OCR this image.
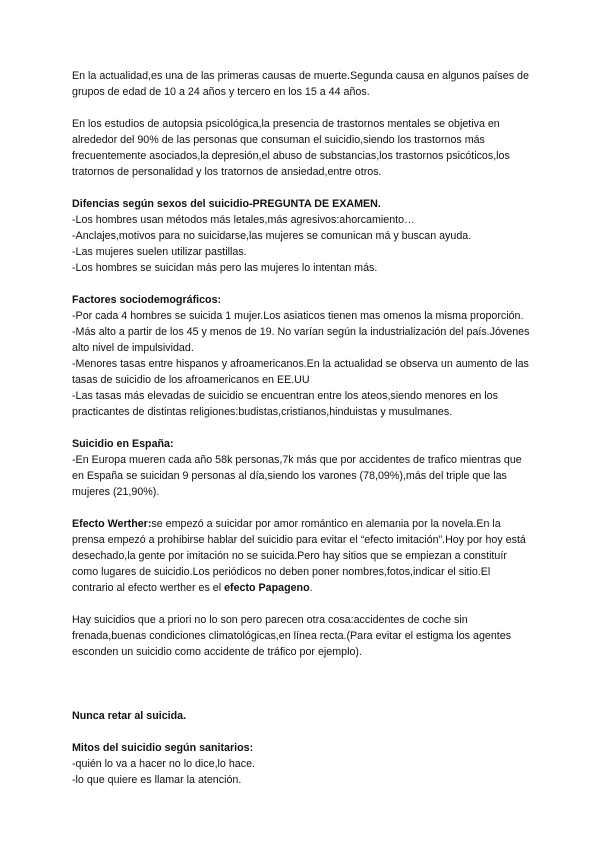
En la actualidad,es una de las primeras causas de muerte.Segunda causa en algunos países de grupos de edad de 10 a 24 años y tercero en los 15 a 44 años.

En los estudios de autopsia psicológica,la presencia de trastornos mentales se objetiva en alrededor del 90% de las personas que consuman el suicidio,siendo los trastornos más frecuentemente asociados,la depresión,el abuso de substancias,los trastornos psicóticos,los tratornos de personalidad y los tratornos de ansiedad,entre otros.

Difencias según sexos del suicidio-PREGUNTA DE EXAMEN.

-Los hombres usan métodos más letales,más agresivos:ahorcamiento…

-Anclajes,motivos para no suicidarse,las mujeres se comunican má y buscan ayuda.

-Las mujeres suelen utilizar pastillas.

-Los hombres se suicidan más pero las mujeres lo intentan más.

Factores sociodemográficos:

-Por cada 4 hombres se suicida 1 mujer.Los asiaticos tienen mas omenos la misma proporción.

-Más alto a partir de los 45 y menos de 19. No varían según la industrialización del país.Jóvenes alto nivel de impulsividad.

-Menores tasas entre hispanos y afroamericanos.En la actualidad se observa un aumento de las tasas de suicidio de los afroamericanos en EE.UU

-Las tasas más elevadas de suicidio se encuentran entre los ateos,siendo menores en los practicantes de distintas religiones:budistas,cristianos,hinduistas y musulmanes.

Suicidio en España:

-En Europa mueren cada año 58k personas,7k más que por accidentes de trafico mientras que en España se suicidan 9 personas al día,siendo los varones (78,09%),más del triple que las mujeres (21,90%).

Efecto Werther:se empezó a suicidar por amor romántico en alemania por la novela.En la prensa empezó a prohibirse hablar del suicidio para evitar el “efecto imitación”.Hoy por hoy está desechado,la gente por imitación no se suicida.Pero hay sitios que se empiezan a constituír como lugares de suicidio.Los periódicos no deben poner nombres,fotos,indicar el sitio.El contrario al efecto werther es el efecto Papageno.

Hay suicidios que a priori no lo son pero parecen otra cosa:accidentes de coche sin frenada,buenas condiciones climatológicas,en línea recta.(Para evitar el estigma los agentes esconden un suicidio como accidente de tráfico por ejemplo).

Nunca retar al suicida.

Mitos del suicidio según sanitarios:

-quién lo va a hacer no lo dice,lo hace.

-lo que quiere es llamar la atención.
